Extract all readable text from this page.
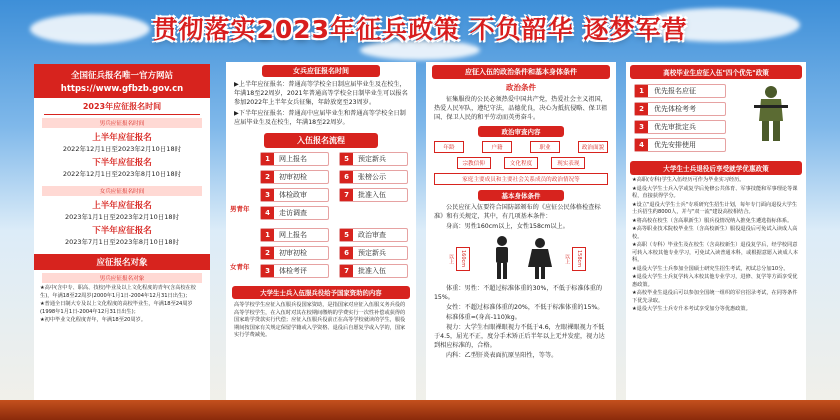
贯彻落实2023年征兵政策 不负韶华 逐梦军营
全国征兵报名唯一官方网站
https://www.gfbzb.gov.cn
2023年应征报名时间
男兵应征报名时间
上半年应征报名
2022年12月1日至2023年2月10日18时
下半年应征报名
2022年12月1日至2023年8月10日18时
女兵应征报名时间
上半年应征报名
2023年1月1日至2023年2月10日18时
下半年应征报名
2023年7月1日至2023年8月10日18时
应征报名对象
男兵应征报名对象
★高中(含中专、职高、技校)毕业及以上文化程度的青年(含高校在校生)，年满18至22周岁(2000年1月1日-2004年12月31日出生)；
★普通全日制大专及以上文化程度的高校毕业生，年满18至24周岁(1998年1月1日-2004年12月31日出生)；
★初中毕业文化程度青年，年满18至20周岁。
女兵应征报名时间
▶上半年应征报名：普通高等学校全日制应届毕业生及在校生，年满18至22周岁，2021年普通高等学校全日制毕业生可以报名参加2022年上半年女兵征集，年龄放宽至23周岁。
▶下半年应征报名：普通高中应届毕业生和普通高等学校全日制应届毕业生及在校生，年满18至22周岁。
入伍报名流程
男青年
1	网上报名	5	预定新兵
2	初审初检	6	张榜公示
3	体检政审	7	批准入伍
4	走访调查
女青年
1	网上报名	5	政治审查
2	初审初检	6	预定新兵
3	体检考评	7	批准入伍
大学生士兵入伍服兵役给予国家资助的内容
高等学校学生应征入伍服兵役国家资助，是指国家对应征入伍服义务兵役的高等学校学生，在入伍时对其在校期间缴纳的学费实行一次性补偿或获得的国家助学贷款实行代偿；应征入伍服兵役前正在高等学校就读的学生，服役期间按国家有关规定保留学籍或入学资格、退役后自愿复学或入学的，国家实行学费减免。
应征入伍的政治条件和基本身体条件
政治条件
征集服役的公民必须热爱中国共产党，热爱社会主义祖国，热爱人民军队，遵纪守法，品德优良，决心为抵抗侵略、保卫祖国、保卫人民的和平劳动而英勇奋斗。
政治审查内容
年龄	户籍	职业	政治面貌
宗教信仰	文化程度	现实表现
家庭主要成员和主要社会关系成员的政治情况等
基本身体条件
公民应征入伍要符合国防部颁布的《应征公民体格检查标准》和有关规定，其中，有几项基本条件：
身高：男性160cm以上，女性158cm以上。
160cm以上	158cm以上
体重：男性：不超过标准体重的30%，不低于标准体重的15%。
女性：不超过标准体重的20%，不低于标准体重的15%。
标准体重=(身高-110)kg。
视力：大学生右眼裸眼视力不低于4.6，左眼裸眼视力不低于4.5，屈光不正，度分手术矫正后半年以上无并发症，视力达到相应标准的，合格。
内科：乙型肝炎表面抗原呈阳性，等等。
高校毕业生应征入伍"四个优先"政策
1	优先报名应征
2	优先体检考考
3	优先审批定兵
4	优先安排使用
大学生士兵退役后享受就学优惠政策
★高职(专科)学生入伍经历可作为毕业实习经历。
★退役大学生士兵入学或复学后免修公共体育、军事技能和军事理论等课程，直接获得学分。
★设立"退役大学生士兵"专项研究生招生计划，每年专门面向退役大学生士兵招生约8000人，并与"双一流"建设高校相结合。
★将高校在校生（含高职新生）服兵役情况纳入推免生遴选指标体系。
★高等职业技术院校毕业生（含高校新生）服役退役后可免试入读成人高校。
★高职（专科）毕业生及在校生（含高校新生）退役复学后，经学校同意可转入本校其他专业学习，可免试入读普通本科，或根据意愿入读成人本科。
★退役大学生士兵参加全国硕士研究生招生考试，初试总分加10分。
★退役大学生士兵复学转入本校其他专业学习，进修、复学等方面享受优惠政策。
★高校毕业生退役后可以参加全国统一组织的军官招录考试，在同等条件下优先录取。
★退役大学生士兵专升本考试享受加分等优惠政策。
